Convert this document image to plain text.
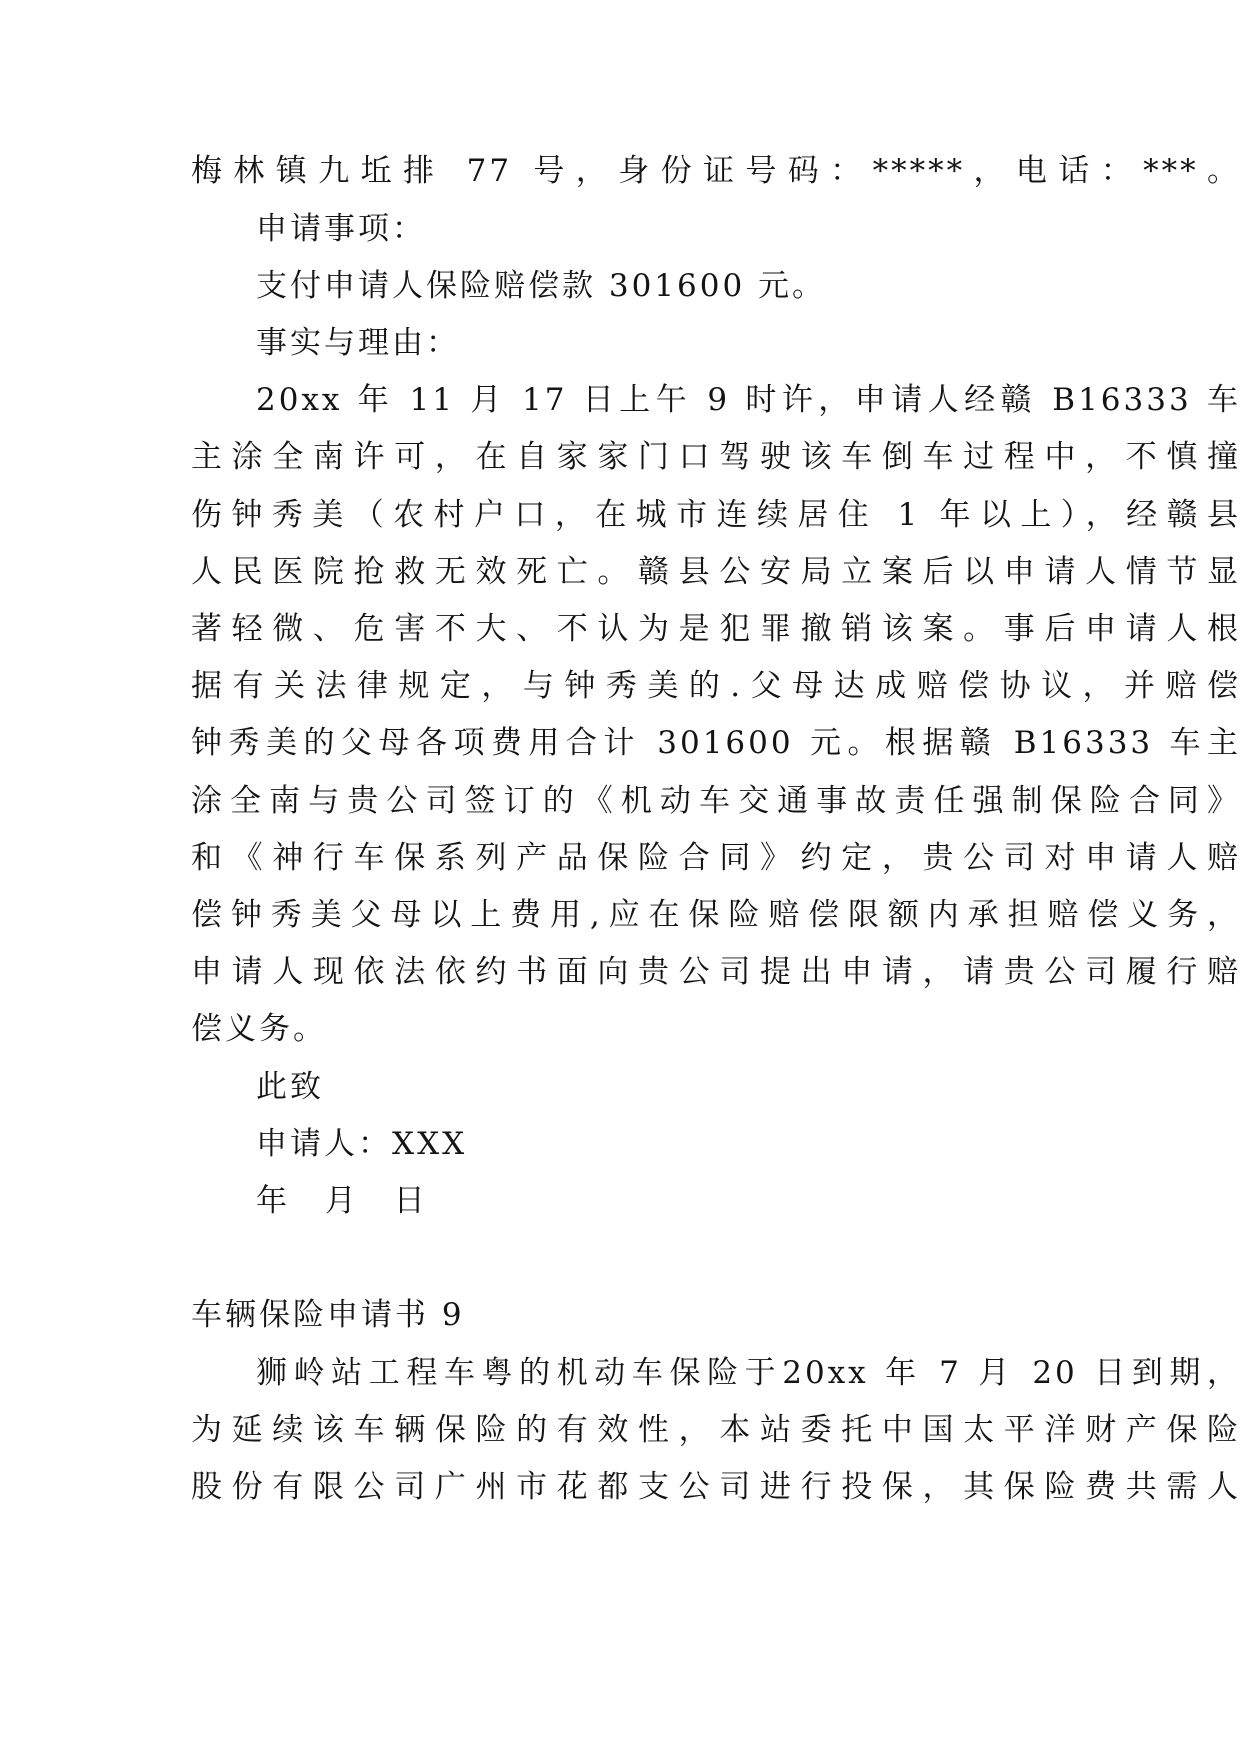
梅林镇九坵排 77 号，身份证号码：*****，电话：***。
申请事项：
支付申请人保险赔偿款 301600 元。
事实与理由：
20xx 年 11 月 17 日上午 9 时许，申请人经赣 B16333 车
主涂全南许可，在自家家门口驾驶该车倒车过程中，不慎撞
伤钟秀美（农村户口，在城市连续居住 1 年以上），经赣县
人民医院抢救无效死亡。赣县公安局立案后以申请人情节显
著轻微、危害不大、不认为是犯罪撤销该案。事后申请人根
据有关法律规定，与钟秀美的.父母达成赔偿协议，并赔偿
钟秀美的父母各项费用合计 301600 元。根据赣 B16333 车主
涂全南与贵公司签订的《机动车交通事故责任强制保险合同》
和《神行车保系列产品保险合同》约定，贵公司对申请人赔
偿钟秀美父母以上费用,应在保险赔偿限额内承担赔偿义务，
申请人现依法依约书面向贵公司提出申请，请贵公司履行赔
偿义务。
此致
申请人：XXX
年 月 日
车辆保险申请书 9
狮岭站工程车粤的机动车保险于20xx 年 7 月 20 日到期，
为延续该车辆保险的有效性，本站委托中国太平洋财产保险
股份有限公司广州市花都支公司进行投保，其保险费共需人
